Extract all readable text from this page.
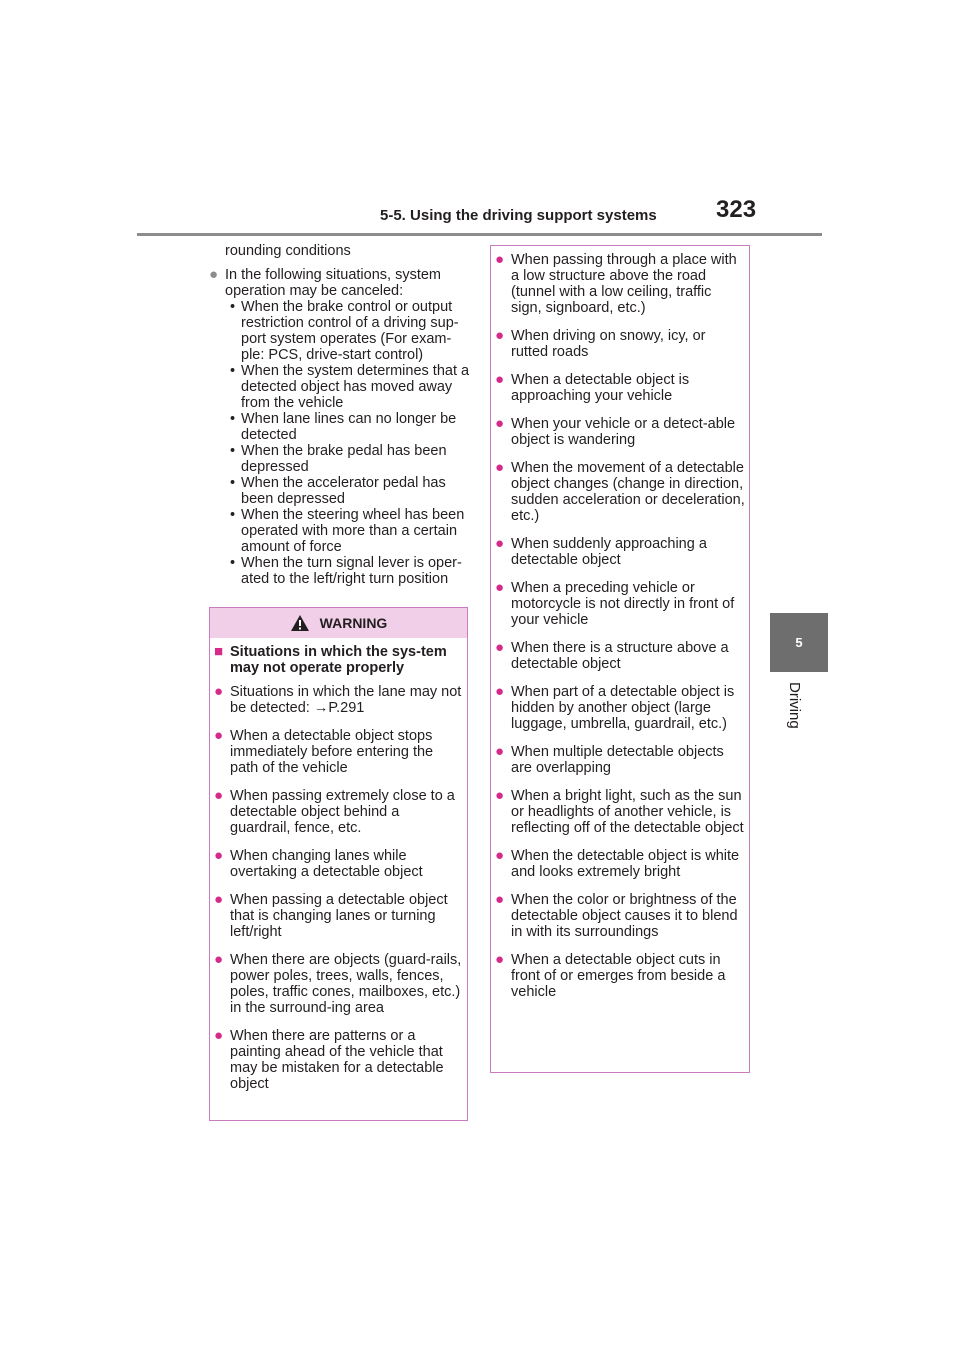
5-5. Using the driving support systems 323
5
Driving
rounding conditions
● In the following situations, system operation may be canceled:
• When the brake control or output restriction control of a driving sup-port system operates (For exam-ple: PCS, drive-start control)
• When the system determines that a detected object has moved away from the vehicle
• When lane lines can no longer be detected
• When the brake pedal has been depressed
• When the accelerator pedal has been depressed
• When the steering wheel has been operated with more than a certain amount of force
• When the turn signal lever is oper-ated to the left/right turn position
WARNING
■ Situations in which the sys-tem may not operate properly
● Situations in which the lane may not be detected: →P.291
● When a detectable object stops immediately before entering the path of the vehicle
● When passing extremely close to a detectable object behind a guardrail, fence, etc.
● When changing lanes while overtaking a detectable object
● When passing a detectable object that is changing lanes or turning left/right
● When there are objects (guard-rails, power poles, trees, walls, fences, poles, traffic cones, mailboxes, etc.) in the surround-ing area
● When there are patterns or a painting ahead of the vehicle that may be mistaken for a detectable object
● When passing through a place with a low structure above the road (tunnel with a low ceiling, traffic sign, signboard, etc.)
● When driving on snowy, icy, or rutted roads
● When a detectable object is approaching your vehicle
● When your vehicle or a detect-able object is wandering
● When the movement of a detectable object changes (change in direction, sudden acceleration or deceleration, etc.)
● When suddenly approaching a detectable object
● When a preceding vehicle or motorcycle is not directly in front of your vehicle
● When there is a structure above a detectable object
● When part of a detectable object is hidden by another object (large luggage, umbrella, guardrail, etc.)
● When multiple detectable objects are overlapping
● When a bright light, such as the sun or headlights of another vehicle, is reflecting off of the detectable object
● When the detectable object is white and looks extremely bright
● When the color or brightness of the detectable object causes it to blend in with its surroundings
● When a detectable object cuts in front of or emerges from beside a vehicle
